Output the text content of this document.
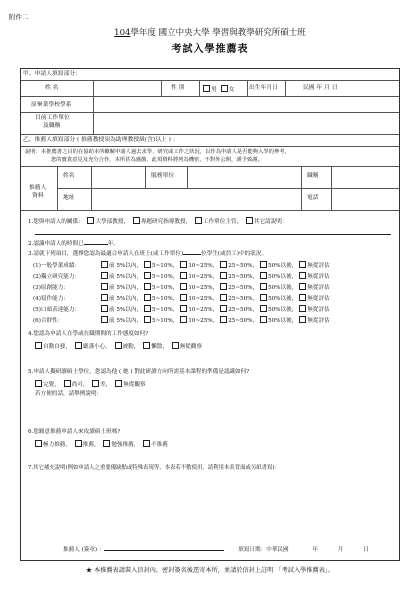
附件二
104學年度 國立中央大學 學習與教學研究所碩士班
考試入學推薦表
甲、申請人填寫部分：
姓 名	性 別	男 女	出生年月日	民國 年 月 日
原畢業學校學系
目前工作單位
及職稱
乙、推薦人填寫部分 ( 推薦教授須為助理教授級(含)以上 ) ：
說明：本推薦書之目的在協助本所瞭解申請人過去求學、研究或工作之狀況，以作為申請人是否能夠入學的參考，
您的寶貴意見及充分合作，本所甚為感激，此項資料將列為機密，不對外公開，謹予致謝。
推薦人
資料
姓名	服務單位	職稱
地址	電話
1.您與申請人的關係： 大學部教授， 專題研究指導教授， 工作單位主管， 其它請說明：
2.認識申請人的時間已	年。
3.請就下列項目，選擇您認為最適合申請人在班上(或工作單位)	位學生(或員工)中的狀況。
(1)一般學業成績：	前 5%以內， 5~10%， 10~25%， 25~50%， 50%以後， 無從評估
(2)獨立研究能力：	前 5%以內， 5~10%， 10~25%， 25~50%， 50%以後， 無從評估
(3)原創能力：	前 5%以內， 5~10%， 10~25%， 25~50%， 50%以後， 無從評估
(4)寫作能力：	前 5%以內， 5~10%， 10~25%， 25~50%， 50%以後， 無從評估
(5)口頭表達能力：	前 5%以內， 5~10%， 10~25%， 25~50%， 50%以後， 無從評估
(6)合群性：	前 5%以內， 5~10%， 10~25%， 25~50%， 50%以後， 無從評估
4.您認為申請人在學或在職期間的工作態度如何?
自動自發， 嚴謹小心， 被動， 懶散， 無從觀察
5.申請人擬研讀碩士學位，您認為他 ( 她 ) 對此研讀方向所需基本課程的準備是認識如何?
完覺， 尚可， 差， 無從觀察
若方便的話，請舉例說明：
6.您願意推薦申請人來攻讀碩士班嗎?
極力推薦， 推薦， 勉強推薦， 不推薦
7.其它補充說明(例如申請人之重要優缺點或特殊表現等，本表若不敷使用，請利用本表背面或另紙書寫)：
推薦人 (簽章) ：	填寫日期：中華民國	年	月	日
★ 本推薦表請裝入信封內，密封簽名後逕寄本所，並請於信封上註明 「考試入學推薦表」。
